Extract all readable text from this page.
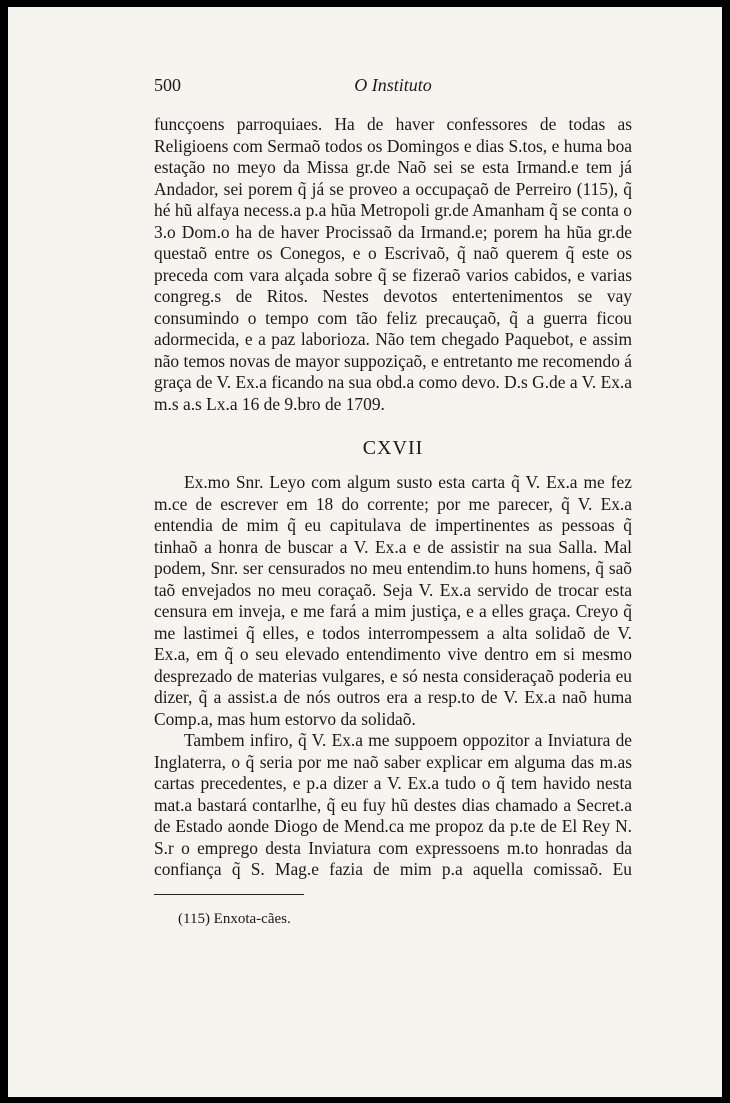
500	O Instituto

funcçoens parroquiaes. Ha de haver confessores de todas as Religioens com Sermaõ todos os Domingos e dias S.tos, e huma boa estação no meyo da Missa gr.de Naõ sei se esta Irmand.e tem já Andador, sei porem q̃ já se proveo a occupaçaõ de Perreiro (115), q̃ hé hũ alfaya necess.a p.a hũa Metropoli gr.de Amanham q̃ se conta o 3.o Dom.o ha de haver Procissaõ da Irmand.e; porem ha hũa gr.de questaõ entre os Conegos, e o Escrivaõ, q̃ naõ querem q̃ este os preceda com vara alçada sobre q̃ se fizeraõ varios cabidos, e varias congreg.s de Ritos. Nestes devotos entertenimentos se vay consumindo o tempo com tão feliz precauçaõ, q̃ a guerra ficou adormecida, e a paz laborioza. Não tem chegado Paquebot, e assim não temos novas de mayor suppoziçaõ, e entretanto me recomendo á graça de V. Ex.a ficando na sua obd.a como devo. D.s G.de a V. Ex.a m.s a.s Lx.a 16 de 9.bro de 1709.

CXVII

Ex.mo Snr. Leyo com algum susto esta carta q̃ V. Ex.a me fez m.ce de escrever em 18 do corrente; por me parecer, q̃ V. Ex.a entendia de mim q̃ eu capitulava de impertinentes as pessoas q̃ tinhaõ a honra de buscar a V. Ex.a e de assistir na sua Salla. Mal podem, Snr. ser censurados no meu entendim.to huns homens, q̃ saõ taõ envejados no meu coraçaõ. Seja V. Ex.a servido de trocar esta censura em inveja, e me fará a mim justiça, e a elles graça. Creyo q̃ me lastimei q̃ elles, e todos interrompessem a alta solidaõ de V. Ex.a, em q̃ o seu elevado entendimento vive dentro em si mesmo desprezado de materias vulgares, e só nesta consideraçaõ poderia eu dizer, q̃ a assist.a de nós outros era a resp.to de V. Ex.a naõ huma Comp.a, mas hum estorvo da solidaõ.

Tambem infiro, q̃ V. Ex.a me suppoem oppozitor a Inviatura de Inglaterra, o q̃ seria por me naõ saber explicar em alguma das m.as cartas precedentes, e p.a dizer a V. Ex.a tudo o q̃ tem havido nesta mat.a bastará contarlhe, q̃ eu fuy hũ destes dias chamado a Secret.a de Estado aonde Diogo de Mend.ca me propoz da p.te de El Rey N. S.r o emprego desta Inviatura com expressoens m.to honradas da confiança q̃ S. Mag.e fazia de mim p.a aquella comissaõ. Eu

(115) Enxota-cães.
